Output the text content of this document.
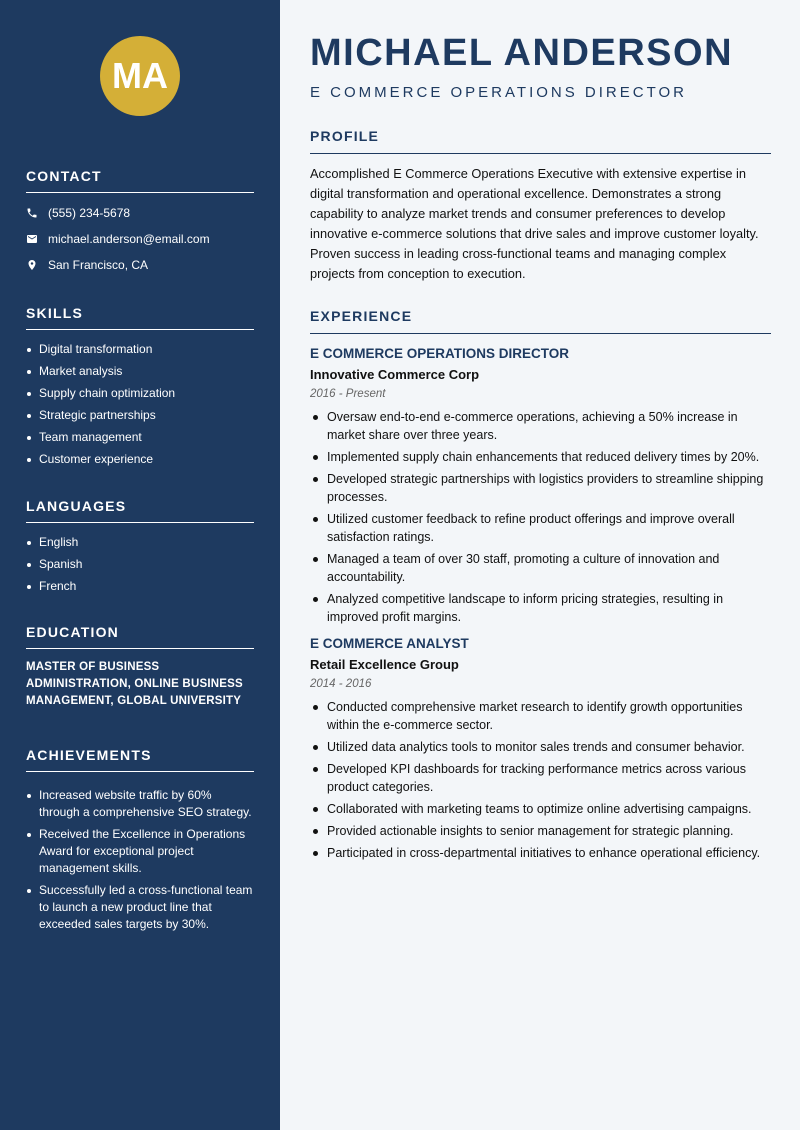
MA
CONTACT
(555) 234-5678
michael.anderson@email.com
San Francisco, CA
SKILLS
Digital transformation
Market analysis
Supply chain optimization
Strategic partnerships
Team management
Customer experience
LANGUAGES
English
Spanish
French
EDUCATION
MASTER OF BUSINESS ADMINISTRATION, ONLINE BUSINESS MANAGEMENT, GLOBAL UNIVERSITY
ACHIEVEMENTS
Increased website traffic by 60% through a comprehensive SEO strategy.
Received the Excellence in Operations Award for exceptional project management skills.
Successfully led a cross-functional team to launch a new product line that exceeded sales targets by 30%.
MICHAEL ANDERSON
E COMMERCE OPERATIONS DIRECTOR
PROFILE

Accomplished E Commerce Operations Executive with extensive expertise in digital transformation and operational excellence. Demonstrates a strong capability to analyze market trends and consumer preferences to develop innovative e-commerce solutions that drive sales and improve customer loyalty. Proven success in leading cross-functional teams and managing complex projects from conception to execution.

EXPERIENCE
E COMMERCE OPERATIONS DIRECTOR
Innovative Commerce Corp
2016 - Present
Oversaw end-to-end e-commerce operations, achieving a 50% increase in market share over three years.
Implemented supply chain enhancements that reduced delivery times by 20%.
Developed strategic partnerships with logistics providers to streamline shipping processes.
Utilized customer feedback to refine product offerings and improve overall satisfaction ratings.
Managed a team of over 30 staff, promoting a culture of innovation and accountability.
Analyzed competitive landscape to inform pricing strategies, resulting in improved profit margins.
E COMMERCE ANALYST
Retail Excellence Group
2014 - 2016
Conducted comprehensive market research to identify growth opportunities within the e-commerce sector.
Utilized data analytics tools to monitor sales trends and consumer behavior.
Developed KPI dashboards for tracking performance metrics across various product categories.
Collaborated with marketing teams to optimize online advertising campaigns.
Provided actionable insights to senior management for strategic planning.
Participated in cross-departmental initiatives to enhance operational efficiency.
